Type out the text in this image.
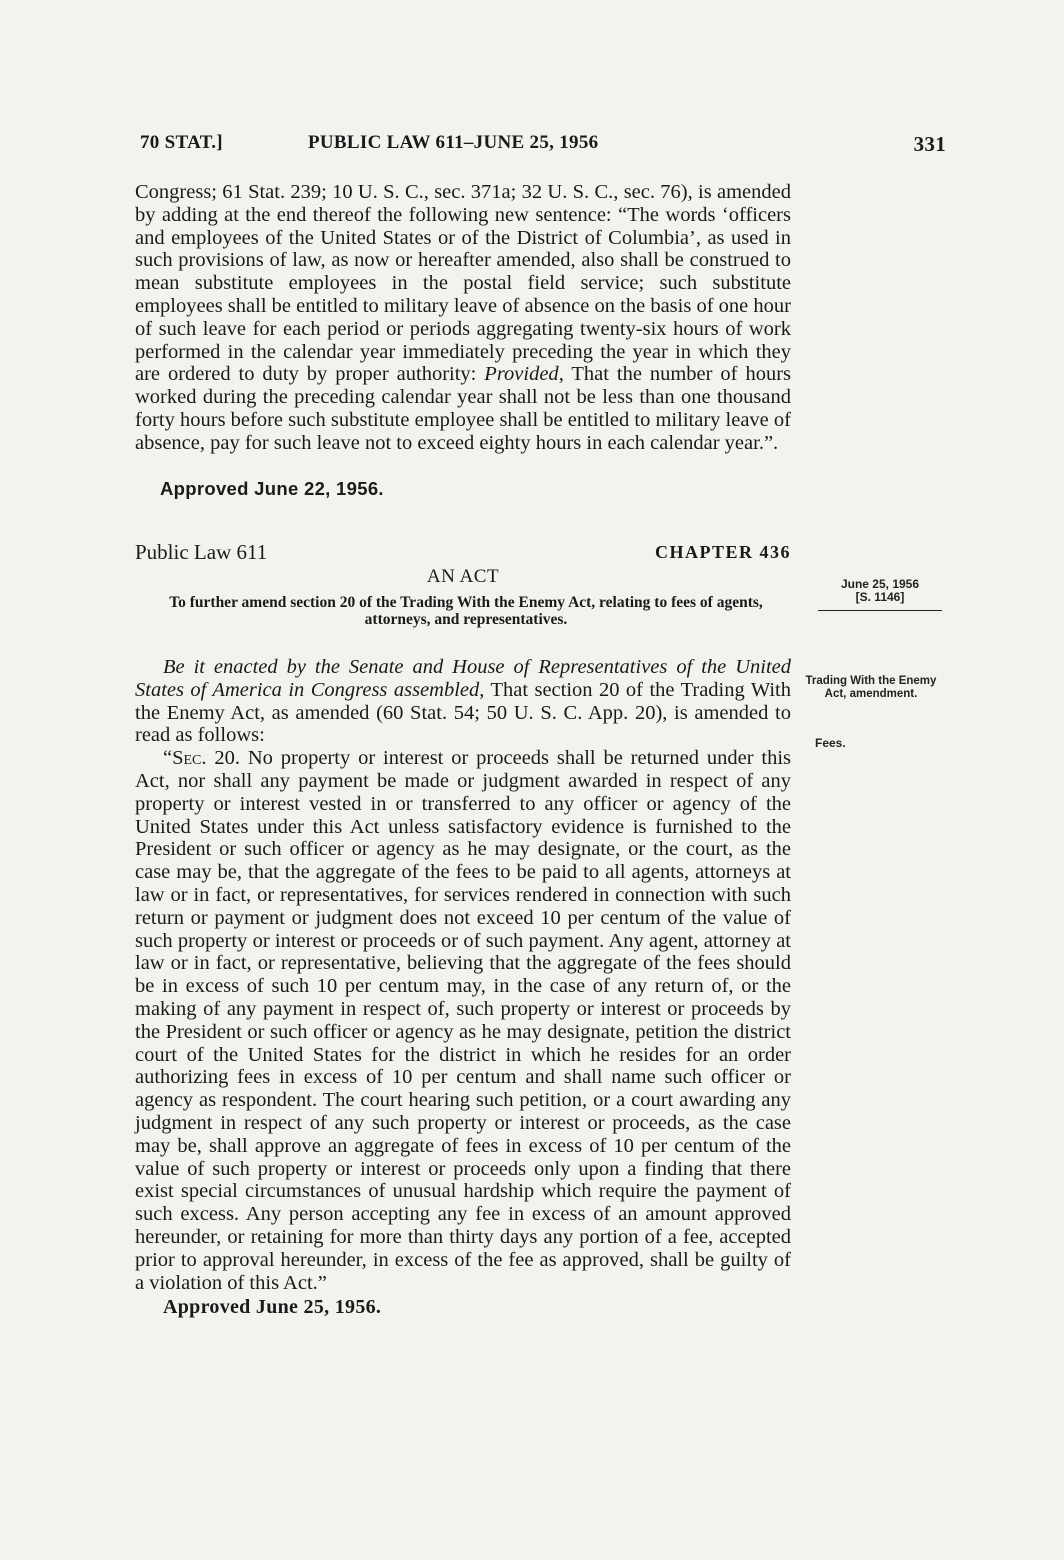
70 STAT.]	PUBLIC LAW 611–JUNE 25, 1956	331

Congress; 61 Stat. 239; 10 U. S. C., sec. 371a; 32 U. S. C., sec. 76), is amended by adding at the end thereof the following new sentence: “The words ‘officers and employees of the United States or of the District of Columbia’, as used in such provisions of law, as now or hereafter amended, also shall be construed to mean substitute employees in the postal field service; such substitute employees shall be entitled to military leave of absence on the basis of one hour of such leave for each period or periods aggregating twenty-six hours of work performed in the calendar year immediately preceding the year in which they are ordered to duty by proper authority: Provided, That the number of hours worked during the preceding calendar year shall not be less than one thousand forty hours before such substitute employee shall be entitled to military leave of absence, pay for such leave not to exceed eighty hours in each calendar year.”.

Approved June 22, 1956.
Public Law 611	CHAPTER 436
AN ACT
To further amend section 20 of the Trading With the Enemy Act, relating to fees of agents, attorneys, and representatives.

Be it enacted by the Senate and House of Representatives of the United States of America in Congress assembled, That section 20 of the Trading With the Enemy Act, as amended (60 Stat. 54; 50 U. S. C. App. 20), is amended to read as follows:

“Sec. 20. No property or interest or proceeds shall be returned under this Act, nor shall any payment be made or judgment awarded in respect of any property or interest vested in or transferred to any officer or agency of the United States under this Act unless satisfactory evidence is furnished to the President or such officer or agency as he may designate, or the court, as the case may be, that the aggregate of the fees to be paid to all agents, attorneys at law or in fact, or representatives, for services rendered in connection with such return or payment or judgment does not exceed 10 per centum of the value of such property or interest or proceeds or of such payment. Any agent, attorney at law or in fact, or representative, believing that the aggregate of the fees should be in excess of such 10 per centum may, in the case of any return of, or the making of any payment in respect of, such property or interest or proceeds by the President or such officer or agency as he may designate, petition the district court of the United States for the district in which he resides for an order authorizing fees in excess of 10 per centum and shall name such officer or agency as respondent. The court hearing such petition, or a court awarding any judgment in respect of any such property or interest or proceeds, as the case may be, shall approve an aggregate of fees in excess of 10 per centum of the value of such property or interest or proceeds only upon a finding that there exist special circumstances of unusual hardship which require the payment of such excess. Any person accepting any fee in excess of an amount approved hereunder, or retaining for more than thirty days any portion of a fee, accepted prior to approval hereunder, in excess of the fee as approved, shall be guilty of a violation of this Act.”

Approved June 25, 1956.
June 25, 1956
[S. 1146]
Trading With the Enemy Act, amendment.
Fees.
